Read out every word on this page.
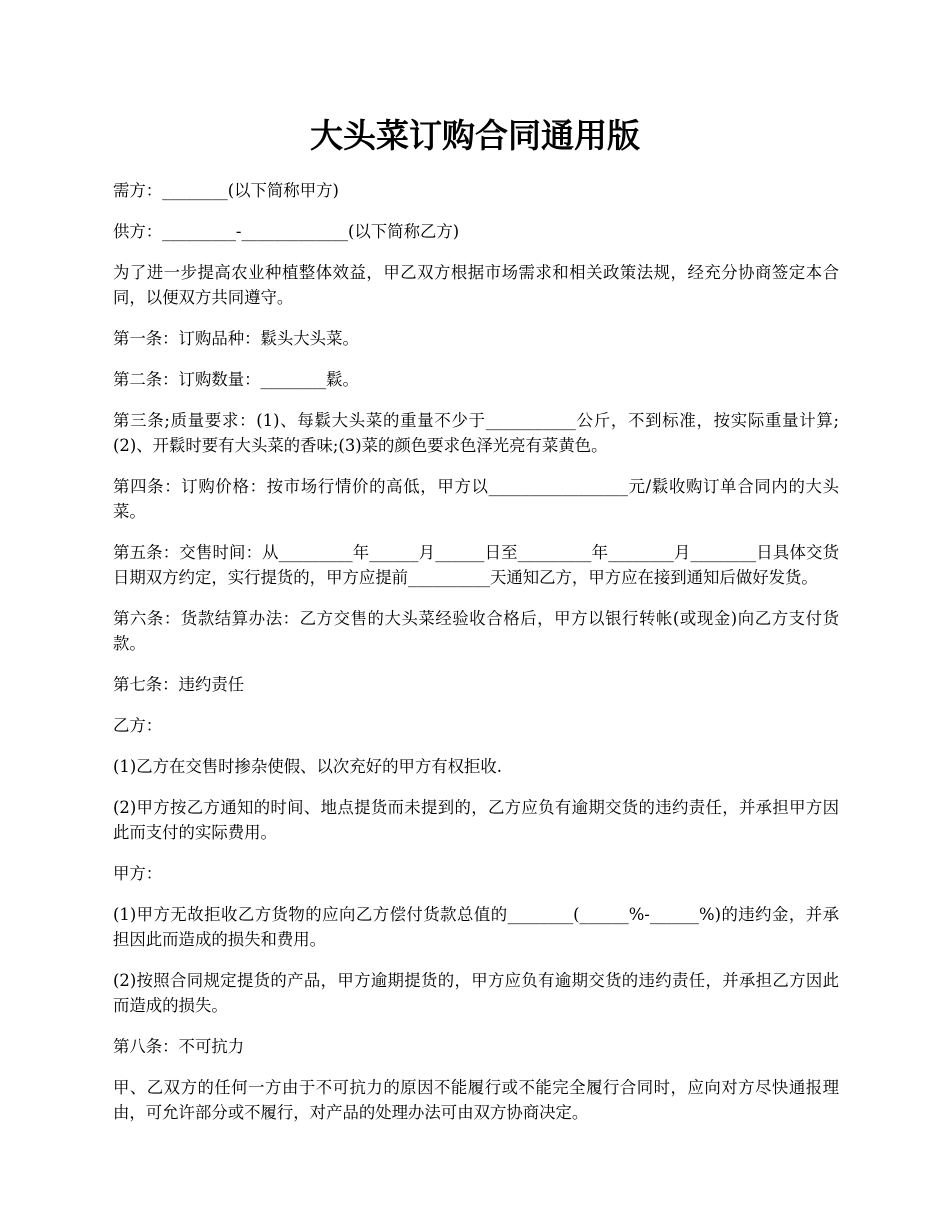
大头菜订购合同通用版

需方：________(以下简称甲方)

供方：_________-_____________(以下简称乙方)

为了进一步提高农业种植整体效益，甲乙双方根据市场需求和相关政策法规，经充分协商签定本合同，以便双方共同遵守。

第一条：订购品种：鬏头大头菜。

第二条：订购数量：________鬏。

第三条;质量要求：(1)、每鬏大头菜的重量不少于___________公斤，不到标准，按实际重量计算;(2)、开鬏时要有大头菜的香味;(3)菜的颜色要求色泽光亮有菜黄色。

第四条：订购价格：按市场行情价的高低，甲方以_________________元/鬏收购订单合同内的大头菜。

第五条：交售时间：从_________年______月______日至_________年________月________日具体交货日期双方约定，实行提货的，甲方应提前__________天通知乙方，甲方应在接到通知后做好发货。

第六条：货款结算办法：乙方交售的大头菜经验收合格后，甲方以银行转帐(或现金)向乙方支付货款。

第七条：违约责任

乙方：

(1)乙方在交售时掺杂使假、以次充好的甲方有权拒收.

(2)甲方按乙方通知的时间、地点提货而未提到的，乙方应负有逾期交货的违约责任，并承担甲方因此而支付的实际费用。

甲方：

(1)甲方无故拒收乙方货物的应向乙方偿付货款总值的________(______%-______%)的违约金，并承担因此而造成的损失和费用。

(2)按照合同规定提货的产品，甲方逾期提货的，甲方应负有逾期交货的违约责任，并承担乙方因此而造成的损失。

第八条：不可抗力

甲、乙双方的任何一方由于不可抗力的原因不能履行或不能完全履行合同时，应向对方尽快通报理由，可允许部分或不履行，对产品的处理办法可由双方协商决定。
